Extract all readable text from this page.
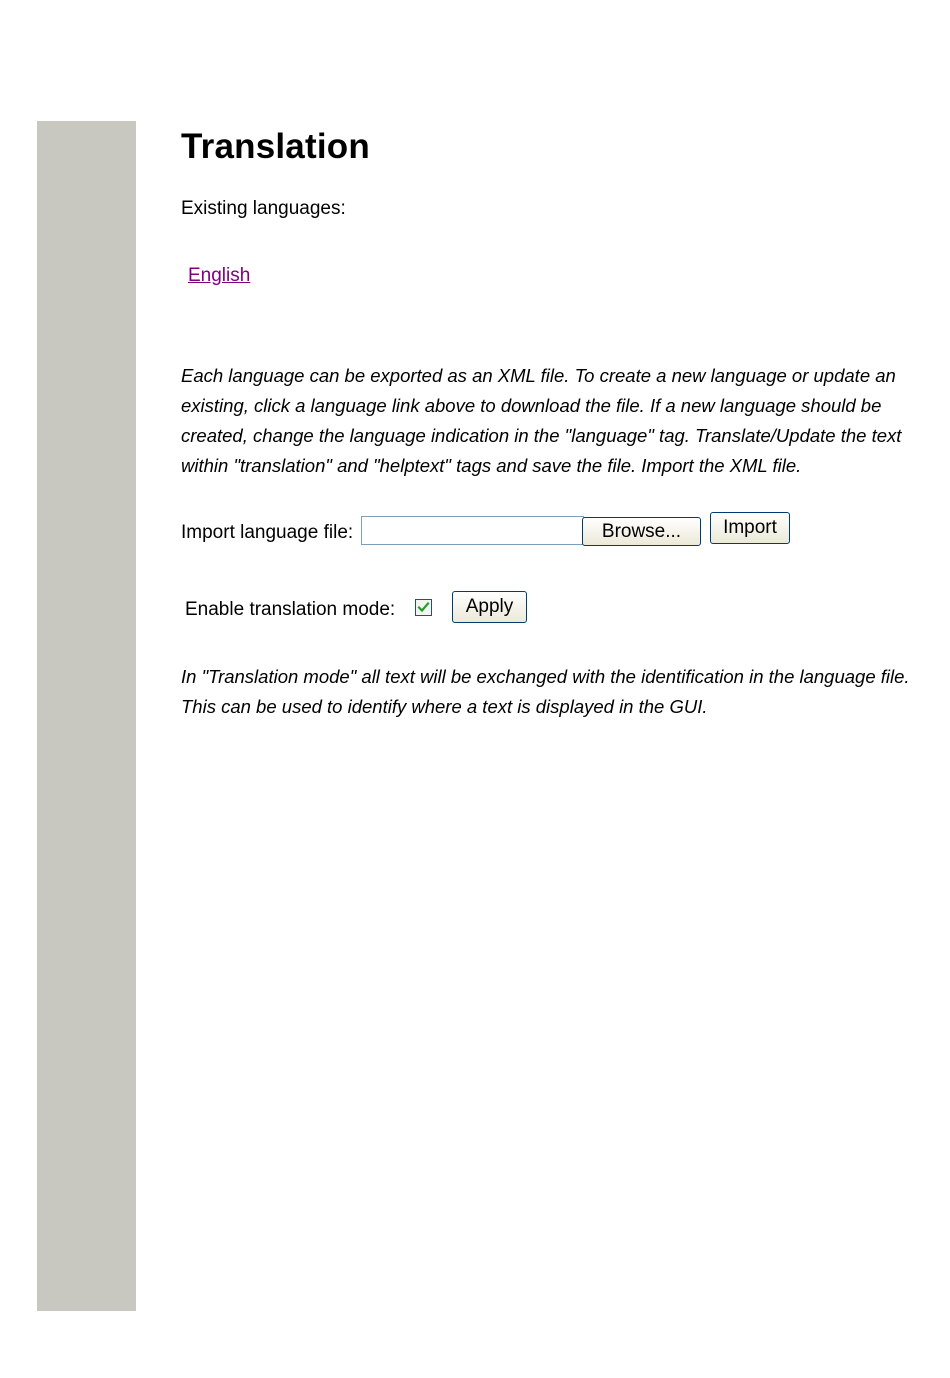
Translation
Existing languages:
English

Each language can be exported as an XML file. To create a new language or update an existing, click a language link above to download the file. If a new language should be created, change the language indication in the "language" tag. Translate/Update the text within "translation" and "helptext" tags and save the file. Import the XML file.

Import language file:	Browse...	Import
Enable translation mode:	Apply

In "Translation mode" all text will be exchanged with the identification in the language file. This can be used to identify where a text is displayed in the GUI.
